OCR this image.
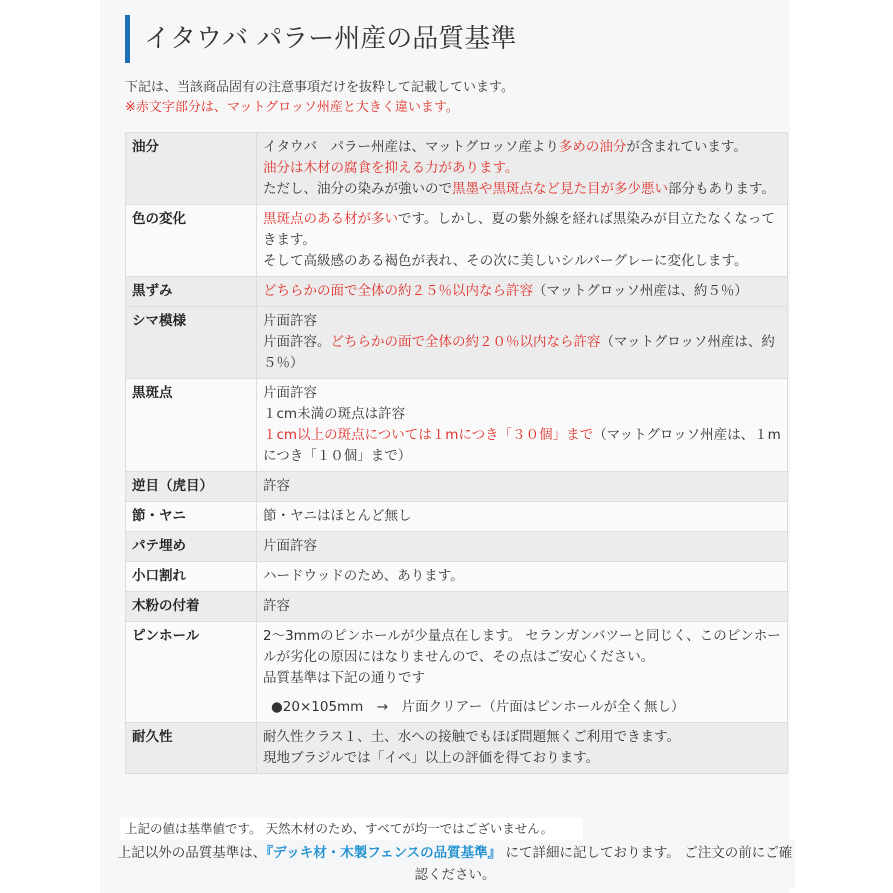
イタウバ パラー州産の品質基準
下記は、当該商品固有の注意事項だけを抜粋して記載しています。
※赤文字部分は、マットグロッソ州産と大きく違います。
油分	イタウバ　パラー州産は、マットグロッソ産より多めの油分が含まれています。
油分は木材の腐食を抑える力があります。
ただし、油分の染みが強いので黒墨や黒斑点など見た目が多少悪い部分もあります。

色の変化	黒斑点のある材が多いです。しかし、夏の紫外線を経れば黒染みが目立たなくなってきます。
そして高級感のある褐色が表れ、その次に美しいシルバーグレーに変化します。

黒ずみ	どちらかの面で全体の約２５％以内なら許容（マットグロッソ州産は、約５％）

シマ模様	片面許容
片面許容。どちらかの面で全体の約２０％以内なら許容（マットグロッソ州産は、約５％）

黒斑点	片面許容
１cm未満の斑点は許容
１cm以上の斑点については１mにつき「３０個」まで（マットグロッソ州産は、１mにつき「１０個」まで）

逆目（虎目）	許容

節・ヤニ	節・ヤニはほとんど無し

パテ埋め	片面許容

小口割れ	ハードウッドのため、あります。

木粉の付着	許容

ピンホール	2～3mmのピンホールが少量点在します。 セランガンバツーと同じく、このピンホールが劣化の原因にはなりませんので、その点はご安心ください。
品質基準は下記の通りです
●20×105mm　→　片面クリアー（片面はピンホールが全く無し）

耐久性	耐久性クラス１、土、水への接触でもほぼ問題無くご利用できます。
現地ブラジルでは「イペ」以上の評価を得ております。
上記の値は基準値です。 天然木材のため、すべてが均一ではございません。
上記以外の品質基準は、『デッキ材・木製フェンスの品質基準』 にて詳細に記しております。 ご注文の前にご確認ください。
